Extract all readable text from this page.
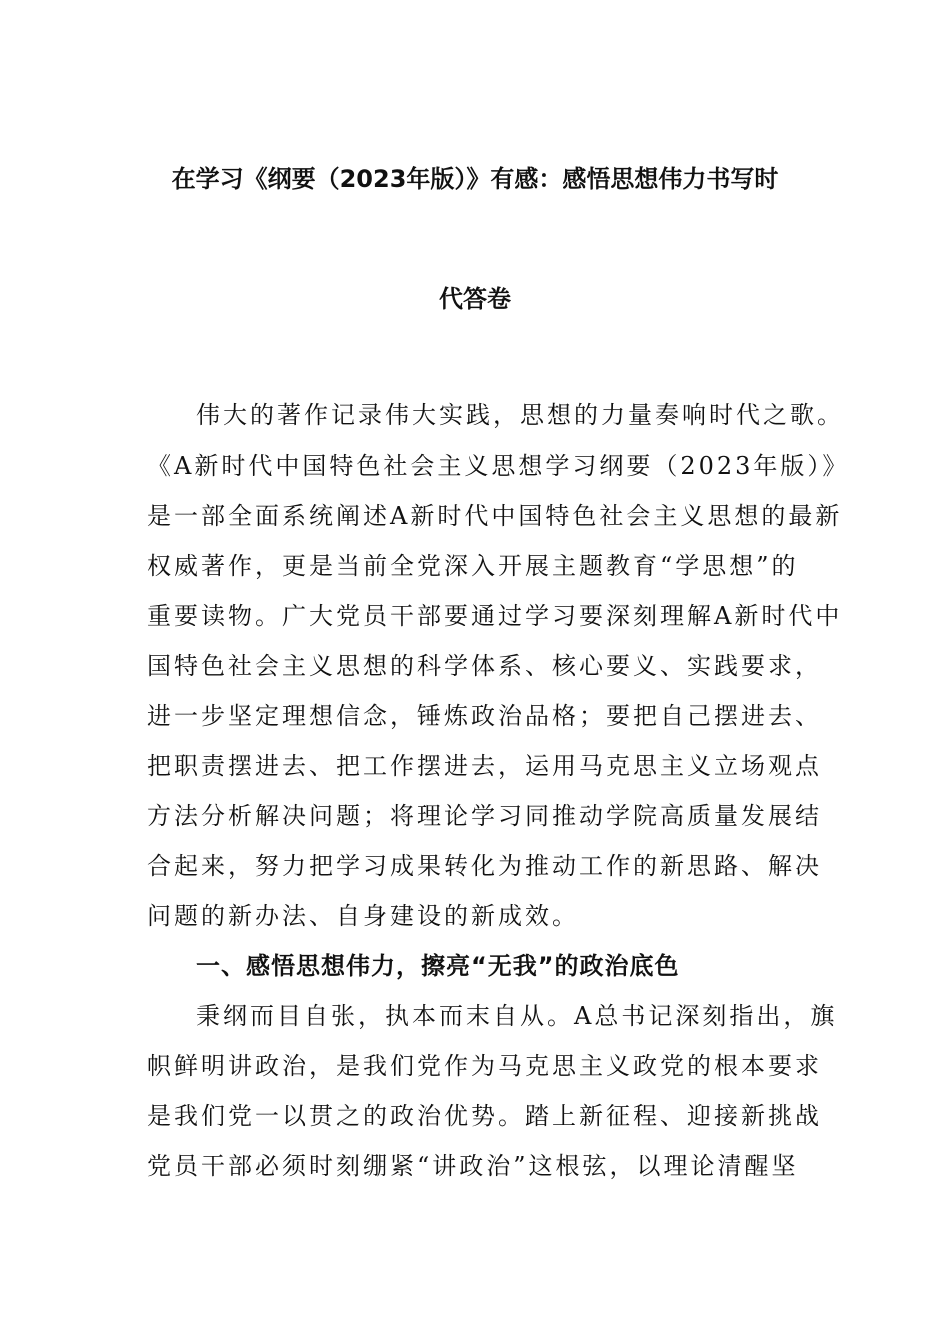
在学习《纲要（2023年版）》有感：感悟思想伟力书写时
代答卷
伟大的著作记录伟大实践，思想的力量奏响时代之歌。
《A新时代中国特色社会主义思想学习纲要（2023年版）》
是一部全面系统阐述A新时代中国特色社会主义思想的最新
权威著作，更是当前全党深入开展主题教育“学思想”的
重要读物。广大党员干部要通过学习要深刻理解A新时代中
国特色社会主义思想的科学体系、核心要义、实践要求，
进一步坚定理想信念，锤炼政治品格；要把自己摆进去、
把职责摆进去、把工作摆进去，运用马克思主义立场观点
方法分析解决问题；将理论学习同推动学院高质量发展结
合起来，努力把学习成果转化为推动工作的新思路、解决
问题的新办法、自身建设的新成效。
一、感悟思想伟力，擦亮“无我”的政治底色
秉纲而目自张，执本而末自从。A总书记深刻指出，旗
帜鲜明讲政治，是我们党作为马克思主义政党的根本要求
是我们党一以贯之的政治优势。踏上新征程、迎接新挑战
党员干部必须时刻绷紧“讲政治”这根弦，以理论清醒坚
